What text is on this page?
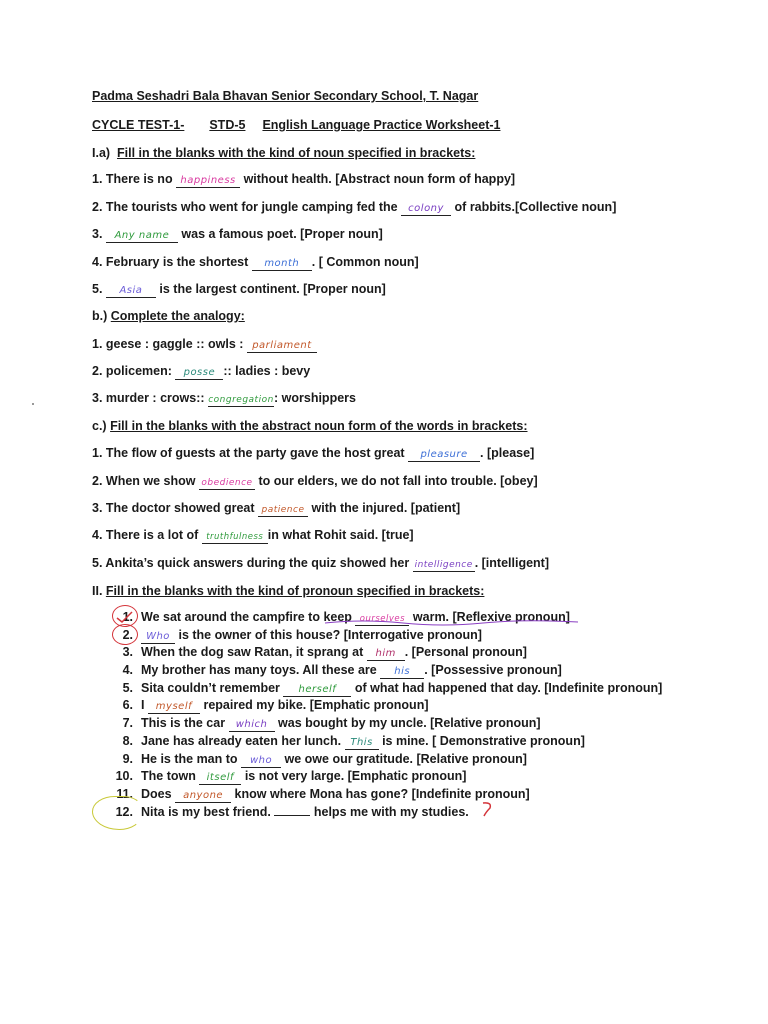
Padma Seshadri Bala Bhavan Senior Secondary School, T. Nagar
CYCLE TEST-1- STD-5 English Language Practice Worksheet-1
I.a) Fill in the blanks with the kind of noun specified in brackets:
1. There is no happiness without health. [Abstract noun form of happy]
2. The tourists who went for jungle camping fed the colony of rabbits.[Collective noun]
3. Any name was a famous poet. [Proper noun]
4. February is the shortest month . [ Common noun]
5. Asia is the largest continent. [Proper noun]
b.) Complete the analogy:
1. geese : gaggle :: owls : parliament
2. policemen: posse :: ladies : bevy
3. murder : crows:: congregation: worshippers
c.) Fill in the blanks with the abstract noun form of the words in brackets:
1. The flow of guests at the party gave the host great pleasure . [please]
2. When we show obedience to our elders, we do not fall into trouble. [obey]
3. The doctor showed great patience with the injured. [patient]
4. There is a lot of truthfulness in what Rohit said. [true]
5. Ankita’s quick answers during the quiz showed her intelligence . [intelligent]
II. Fill in the blanks with the kind of pronoun specified in brackets:
1. We sat around the campfire to keep ourselves warm. [Reflexive pronoun]
2. Who is the owner of this house? [Interrogative pronoun]
3. When the dog saw Ratan, it sprang at him . [Personal pronoun]
4. My brother has many toys. All these are his . [Possessive pronoun]
5. Sita couldn’t remember herself of what had happened that day. [Indefinite pronoun]
6. I myself repaired my bike. [Emphatic pronoun]
7. This is the car which was bought by my uncle. [Relative pronoun]
8. Jane has already eaten her lunch. This is mine. [ Demonstrative pronoun]
9. He is the man to who we owe our gratitude. [Relative pronoun]
10. The town itself is not very large. [Emphatic pronoun]
11. Does anyone know where Mona has gone? [Indefinite pronoun]
12. Nita is my best friend.	helps me with my studies.
